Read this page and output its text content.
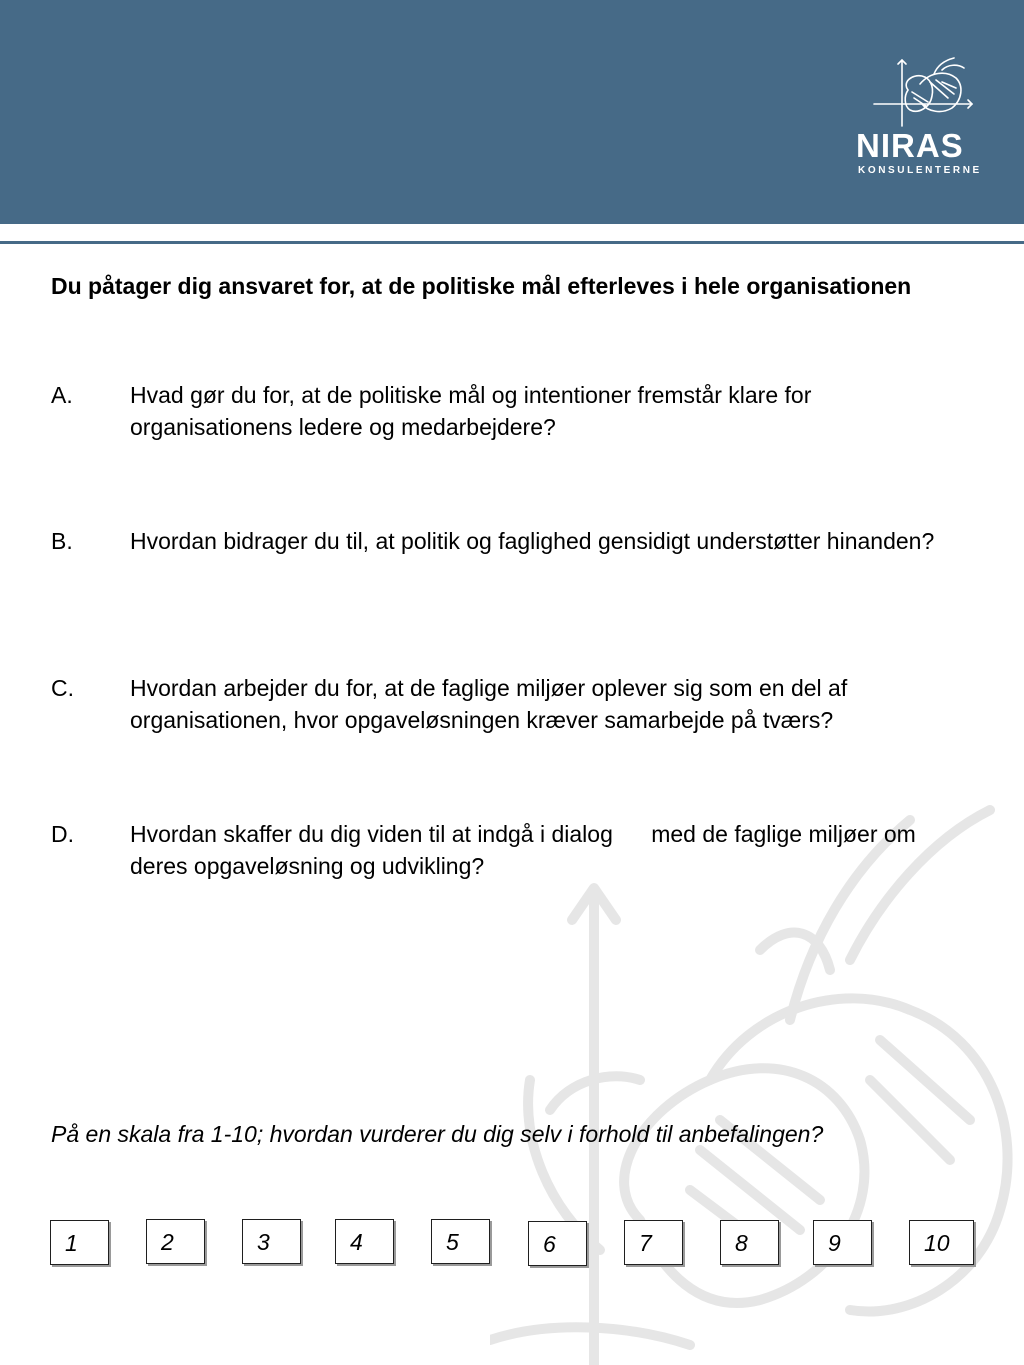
NIRAS
KONSULENTERNE
Du påtager dig ansvaret for, at de politiske mål efterleves i hele organisationen
A. Hvad gør du for, at de politiske mål og intentioner fremstår klare for organisationens ledere og medarbejdere?
B. Hvordan bidrager du til, at politik og faglighed gensidigt understøtter hinanden?
C. Hvordan arbejder du for, at de faglige miljøer oplever sig som en del af organisationen, hvor opgaveløsningen kræver samarbejde på tværs?
D. Hvordan skaffer du dig viden til at indgå i dialog      med de faglige miljøer om deres opgaveløsning og udvikling?
På en skala fra 1-10; hvordan vurderer du dig selv i forhold til anbefalingen?
1	2	3	4	5	6	7	8	9	10
